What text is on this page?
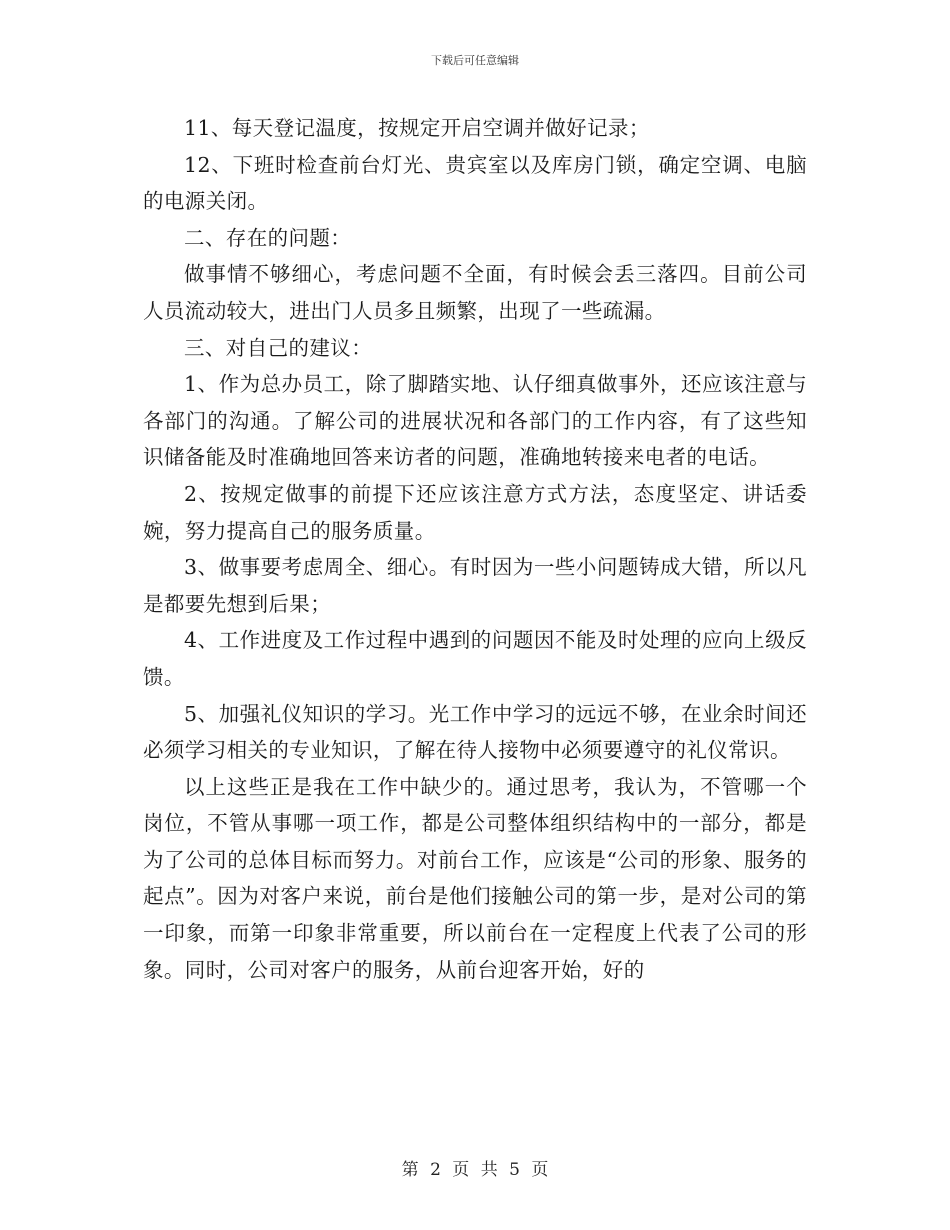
下载后可任意编辑

11、每天登记温度，按规定开启空调并做好记录；

12、下班时检查前台灯光、贵宾室以及库房门锁，确定空调、电脑的电源关闭。

二、存在的问题：

做事情不够细心，考虑问题不全面，有时候会丢三落四。目前公司人员流动较大，进出门人员多且频繁，出现了一些疏漏。

三、对自己的建议：

1、作为总办员工，除了脚踏实地、认仔细真做事外，还应该注意与各部门的沟通。了解公司的进展状况和各部门的工作内容，有了这些知识储备能及时准确地回答来访者的问题，准确地转接来电者的电话。

2、按规定做事的前提下还应该注意方式方法，态度坚定、讲话委婉，努力提高自己的服务质量。

3、做事要考虑周全、细心。有时因为一些小问题铸成大错，所以凡是都要先想到后果；

4、工作进度及工作过程中遇到的问题因不能及时处理的应向上级反馈。

5、加强礼仪知识的学习。光工作中学习的远远不够，在业余时间还必须学习相关的专业知识，了解在待人接物中必须要遵守的礼仪常识。

以上这些正是我在工作中缺少的。通过思考，我认为，不管哪一个岗位，不管从事哪一项工作，都是公司整体组织结构中的一部分，都是为了公司的总体目标而努力。对前台工作，应该是“公司的形象、服务的起点”。因为对客户来说，前台是他们接触公司的第一步，是对公司的第一印象，而第一印象非常重要，所以前台在一定程度上代表了公司的形象。同时，公司对客户的服务，从前台迎客开始，好的

第 2 页 共 5 页
